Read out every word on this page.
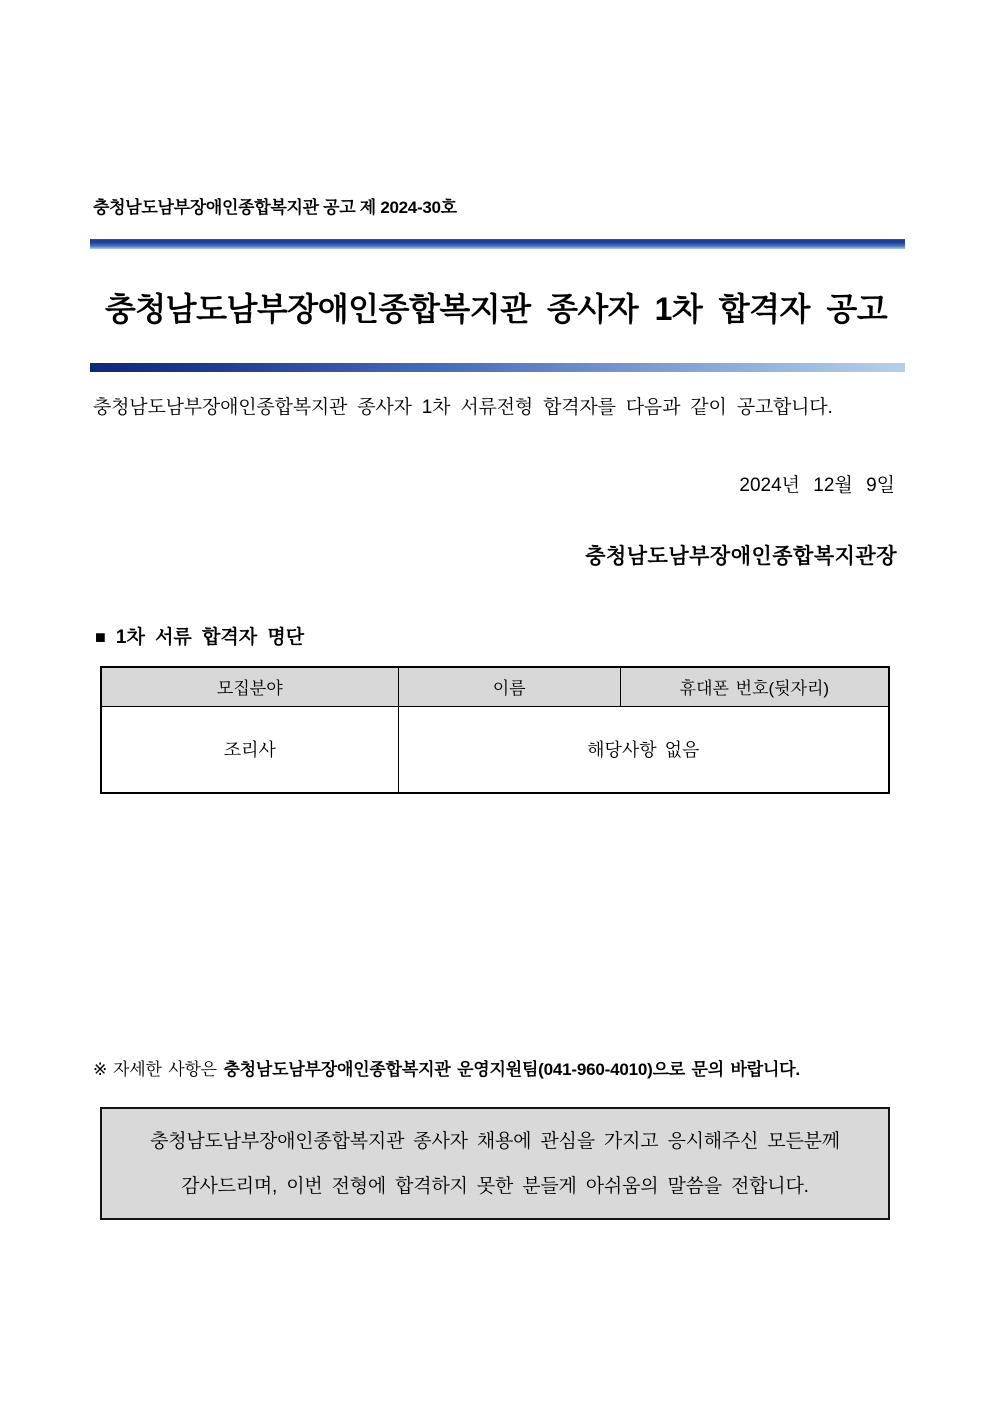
충청남도남부장애인종합복지관 공고 제 2024-30호
충청남도남부장애인종합복지관 종사자 1차 합격자 공고
충청남도남부장애인종합복지관 종사자 1차 서류전형 합격자를 다음과 같이 공고합니다.
2024년 12월 9일
충청남도남부장애인종합복지관장
■ 1차 서류 합격자 명단
모집분야	이름	휴대폰 번호(뒷자리)
조리사	해당사항 없음	
※ 자세한 사항은 충청남도남부장애인종합복지관 운영지원팀(041-960-4010)으로 문의 바랍니다.
충청남도남부장애인종합복지관 종사자 채용에 관심을 가지고 응시해주신 모든분께
감사드리며, 이번 전형에 합격하지 못한 분들게 아쉬움의 말씀을 전합니다.
